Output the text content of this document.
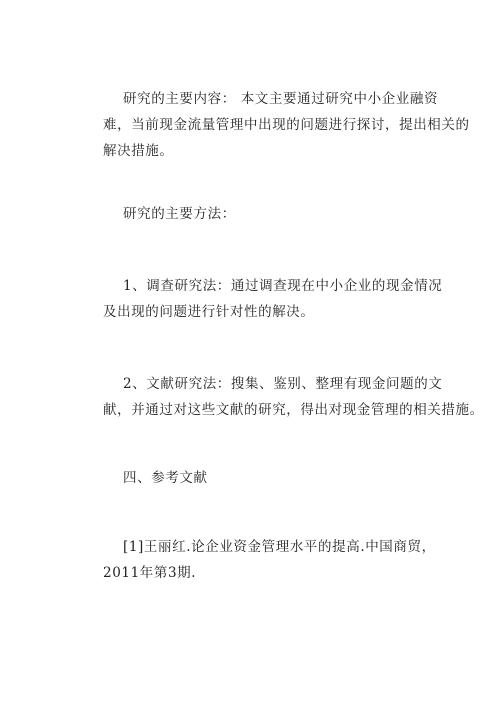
研究的主要内容： 本文主要通过研究中小企业融资
难，当前现金流量管理中出现的问题进行探讨，提出相关的
解决措施。

研究的主要方法：

1、调查研究法：通过调查现在中小企业的现金情况
及出现的问题进行针对性的解决。

2、文献研究法：搜集、鉴别、整理有现金问题的文
献，并通过对这些文献的研究，得出对现金管理的相关措施。

四、参考文献

[1]王丽红.论企业资金管理水平的提高.中国商贸，
2011年第3期.
